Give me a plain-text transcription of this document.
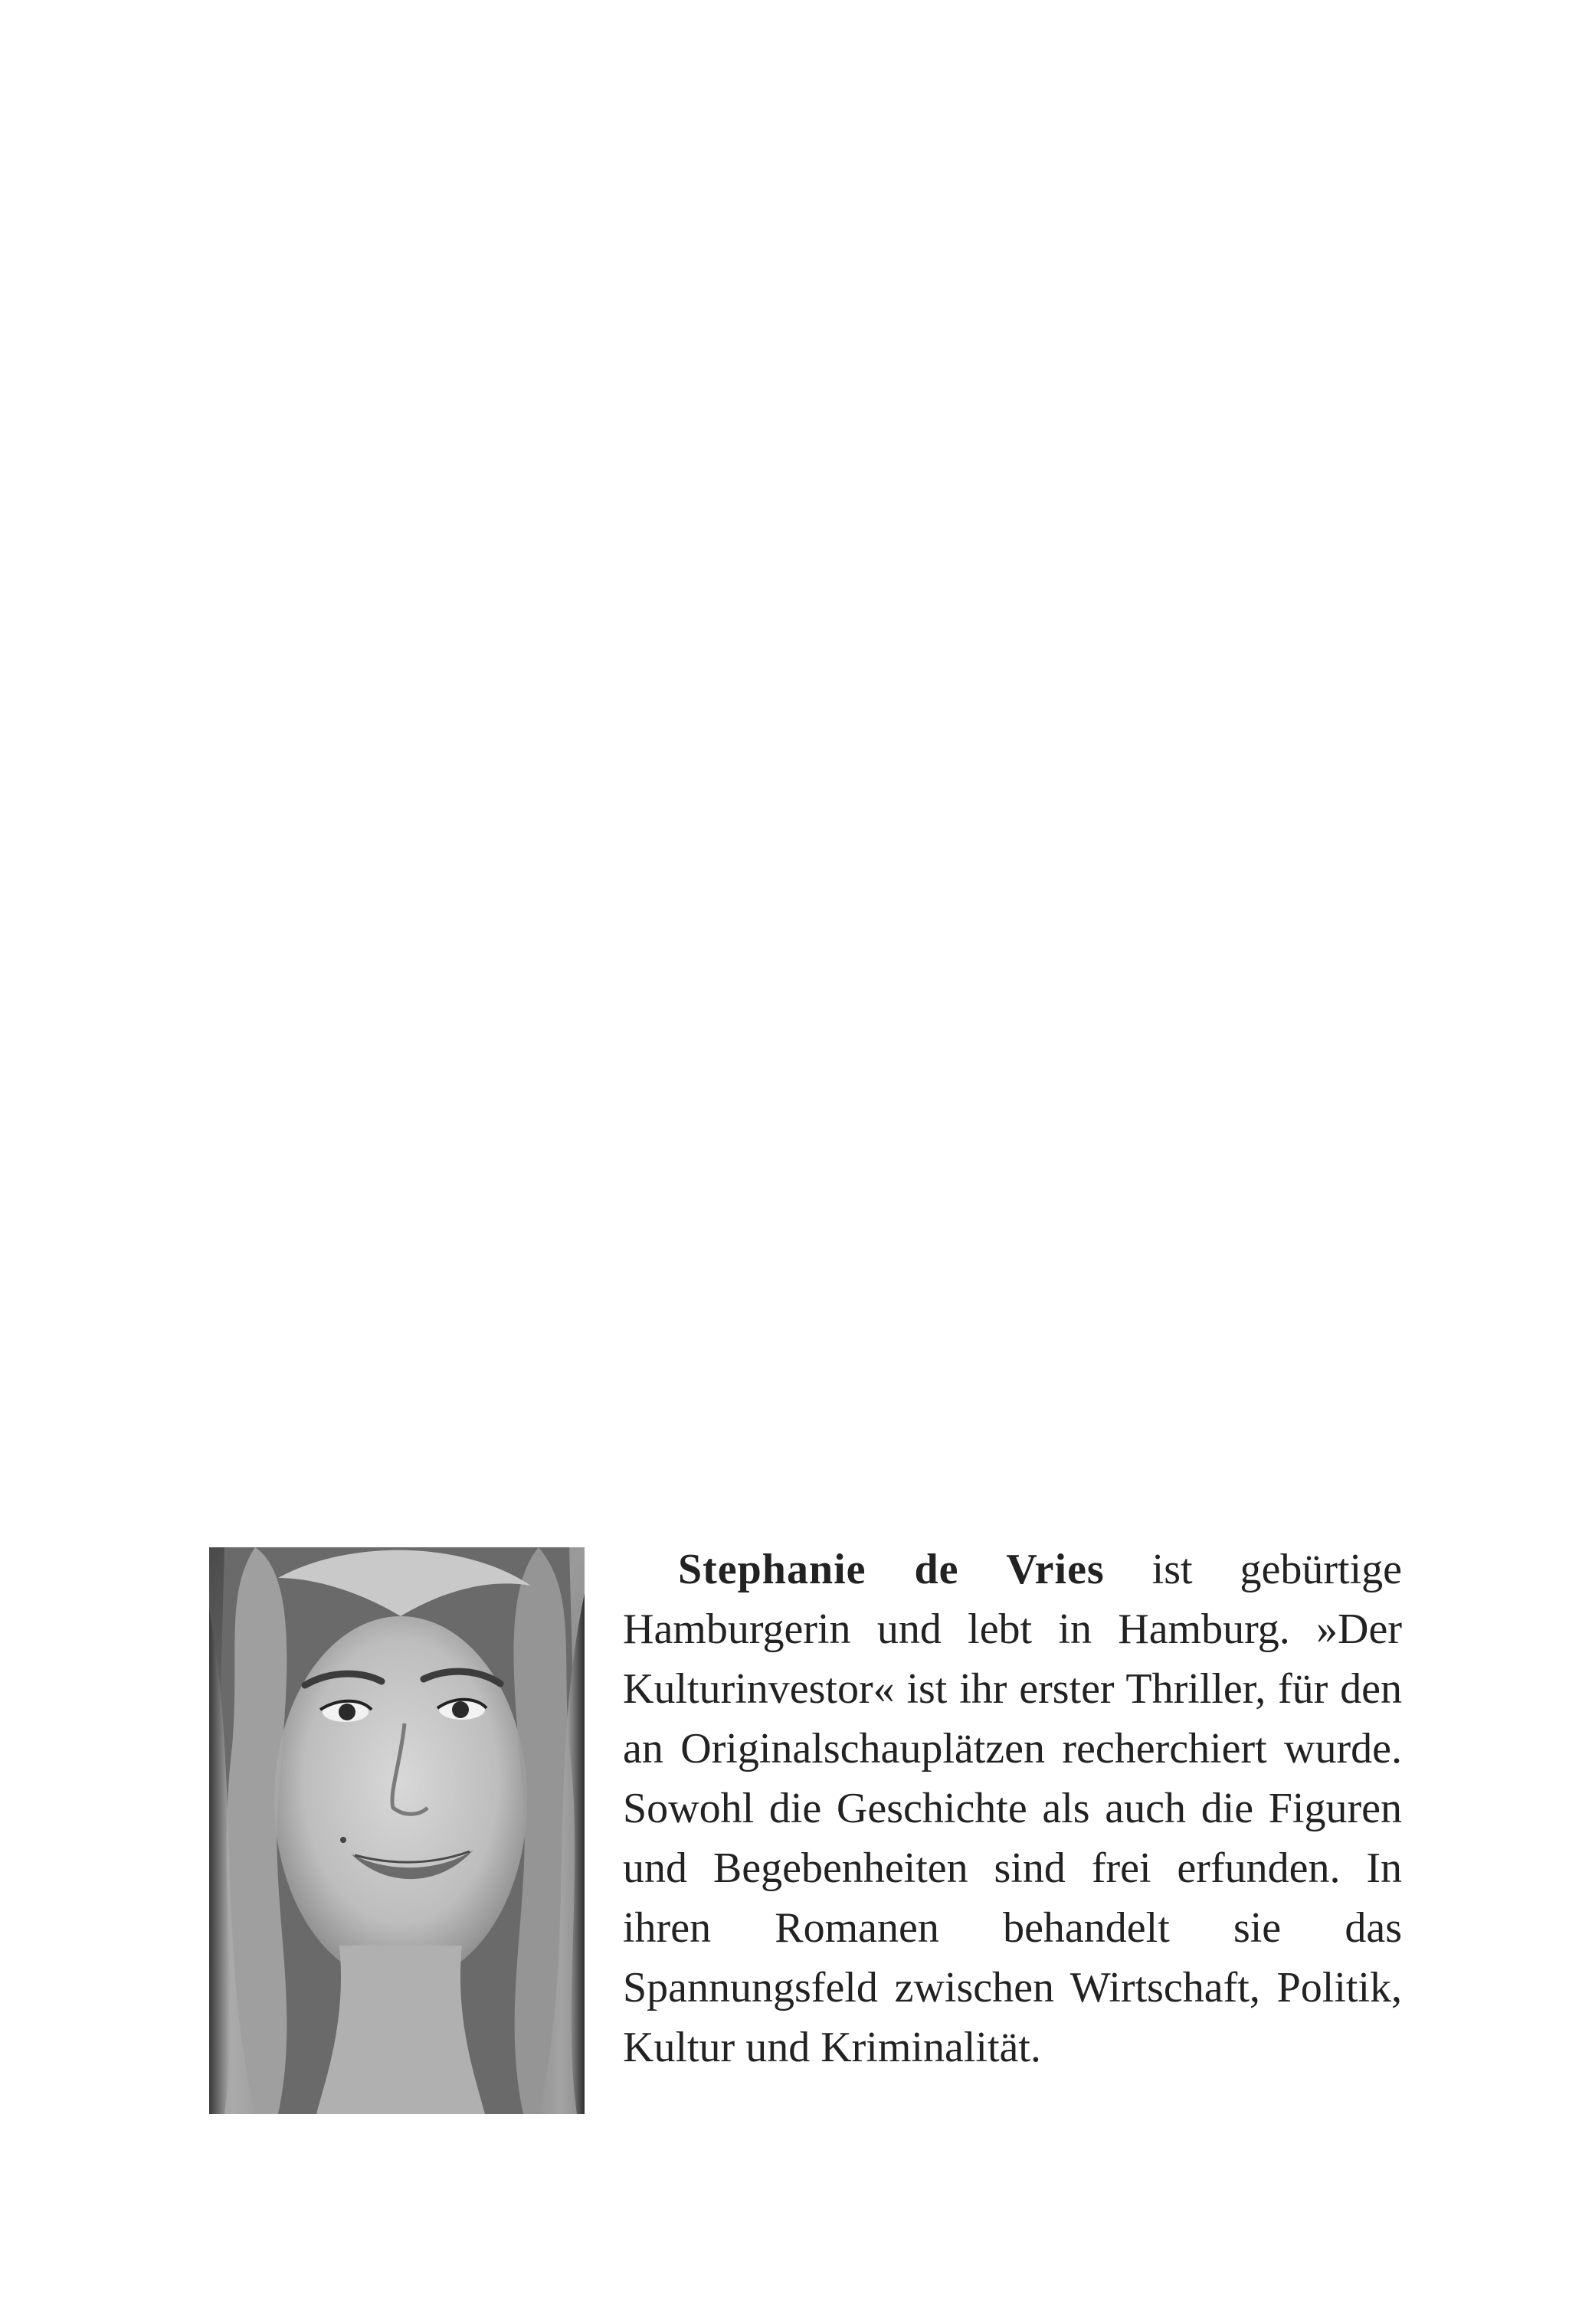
Stephanie de Vries ist gebürtige Hamburgerin und lebt in Hamburg. »Der Kulturinvestor« ist ihr erster Thriller, für den an Originalschauplätzen recherchiert wurde. Sowohl die Geschichte als auch die Figuren und Begebenheiten sind frei erfunden. In ihren Romanen behandelt sie das Spannungsfeld zwischen Wirtschaft, Politik, Kultur und Kriminalität.
